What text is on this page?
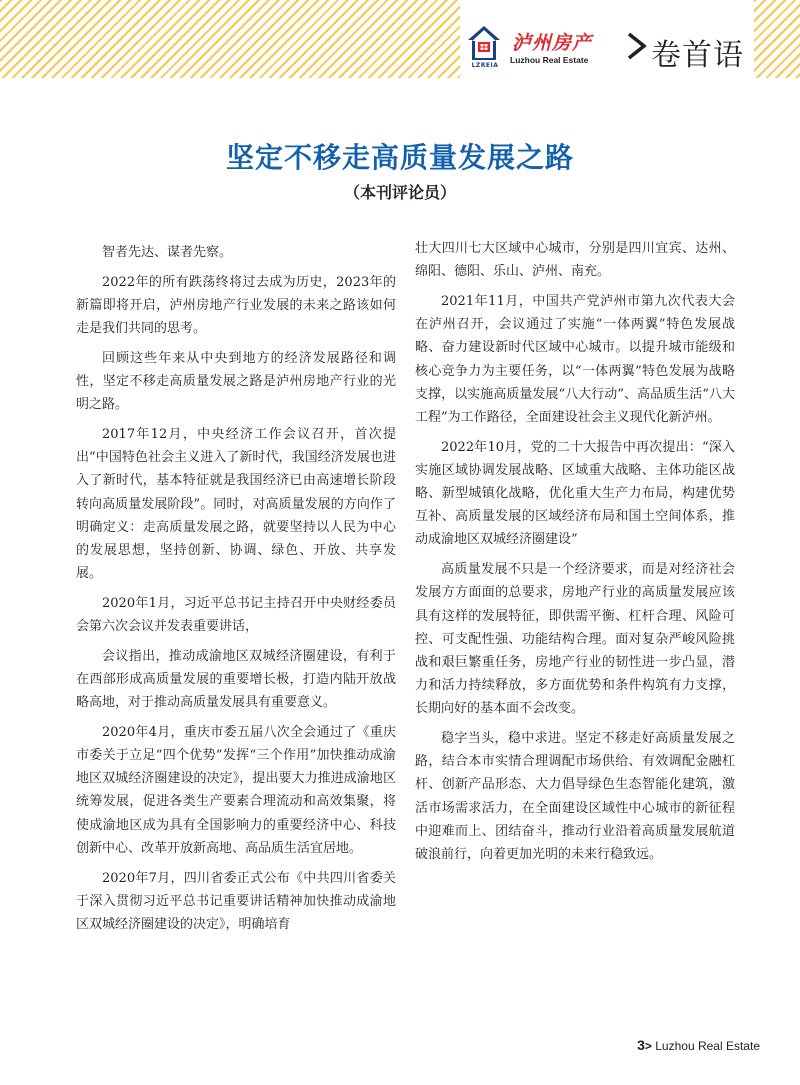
LZREIA
泸州房产
Luzhou Real Estate 卷首语
坚定不移走高质量发展之路
（本刊评论员）

智者先达、谋者先察。

2022年的所有跌荡终将过去成为历史，2023年的新篇即将开启，泸州房地产行业发展的未来之路该如何走是我们共同的思考。

回顾这些年来从中央到地方的经济发展路径和调性，坚定不移走高质量发展之路是泸州房地产行业的光明之路。

2017年12月，中央经济工作会议召开，首次提出“中国特色社会主义进入了新时代，我国经济发展也进入了新时代，基本特征就是我国经济已由高速增长阶段转向高质量发展阶段”。同时，对高质量发展的方向作了明确定义：走高质量发展之路，就要坚持以人民为中心的发展思想，坚持创新、协调、绿色、开放、共享发展。

2020年1月，习近平总书记主持召开中央财经委员会第六次会议并发表重要讲话，

会议指出，推动成渝地区双城经济圈建设，有利于在西部形成高质量发展的重要增长极，打造内陆开放战略高地，对于推动高质量发展具有重要意义。

2020年4月，重庆市委五届八次全会通过了《重庆市委关于立足“四个优势”发挥“三个作用”加快推动成渝地区双城经济圈建设的决定》，提出要大力推进成渝地区统筹发展，促进各类生产要素合理流动和高效集聚，将使成渝地区成为具有全国影响力的重要经济中心、科技创新中心、改革开放新高地、高品质生活宜居地。

2020年7月，四川省委正式公布《中共四川省委关于深入贯彻习近平总书记重要讲话精神加快推动成渝地区双城经济圈建设的决定》，明确培育

壮大四川七大区域中心城市，分别是四川宜宾、达州、绵阳、德阳、乐山、泸州、南充。

2021年11月，中国共产党泸州市第九次代表大会在泸州召开，会议通过了实施“一体两翼”特色发展战略、奋力建设新时代区域中心城市。以提升城市能级和核心竞争力为主要任务，以“一体两翼”特色发展为战略支撑，以实施高质量发展“八大行动”、高品质生活“八大工程”为工作路径，全面建设社会主义现代化新泸州。

2022年10月，党的二十大报告中再次提出：“深入实施区域协调发展战略、区域重大战略、主体功能区战略、新型城镇化战略，优化重大生产力布局，构建优势互补、高质量发展的区域经济布局和国土空间体系，推动成渝地区双城经济圈建设”

高质量发展不只是一个经济要求，而是对经济社会发展方方面面的总要求，房地产行业的高质量发展应该具有这样的发展特征，即供需平衡、杠杆合理、风险可控、可支配性强、功能结构合理。面对复杂严峻风险挑战和艰巨繁重任务，房地产行业的韧性进一步凸显，潜力和活力持续释放，多方面优势和条件构筑有力支撑，长期向好的基本面不会改变。

稳字当头，稳中求进。坚定不移走好高质量发展之路，结合本市实情合理调配市场供给、有效调配金融杠杆、创新产品形态、大力倡导绿色生态智能化建筑，激活市场需求活力，在全面建设区域性中心城市的新征程中迎难而上、团结奋斗，推动行业沿着高质量发展航道破浪前行，向着更加光明的未来行稳致远。

3> Luzhou Real Estate
